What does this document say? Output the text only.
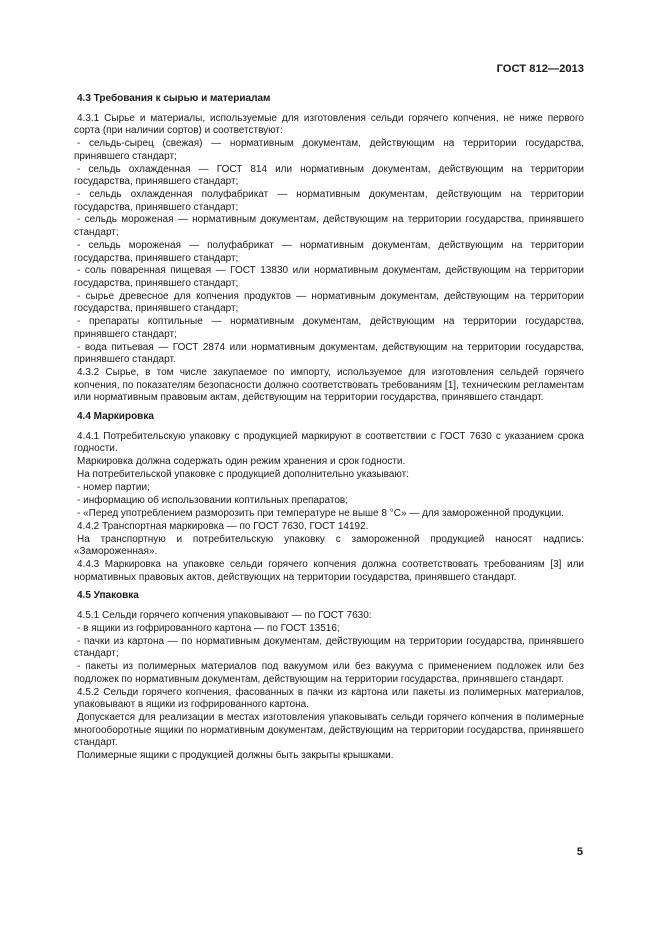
ГОСТ 812—2013
4.3 Требования к сырью и материалам
4.3.1 Сырье и материалы, используемые для изготовления сельди горячего копчения, не ниже первого сорта (при наличии сортов) и соответствуют:
- сельдь-сырец (свежая) — нормативным документам, действующим на территории государства, принявшего стандарт;
- сельдь охлажденная — ГОСТ 814 или нормативным документам, действующим на территории государства, принявшего стандарт;
- сельдь охлажденная полуфабрикат — нормативным документам, действующим на территории государства, принявшего стандарт;
- сельдь мороженая — нормативным документам, действующим на территории государства, принявшего стандарт;
- сельдь мороженая — полуфабрикат — нормативным документам, действующим на территории государства, принявшего стандарт;
- соль поваренная пищевая — ГОСТ 13830 или нормативным документам, действующим на территории государства, принявшего стандарт;
- сырье древесное для копчения продуктов — нормативным документам, действующим на территории государства, принявшего стандарт;
- препараты коптильные — нормативным документам, действующим на территории государства, принявшего стандарт;
- вода питьевая — ГОСТ 2874 или нормативным документам, действующим на территории государства, принявшего стандарт.
4.3.2 Сырье, в том числе закупаемое по импорту, используемое для изготовления сельдей горячего копчения, по показателям безопасности должно соответствовать требованиям [1], техническим регламентам или нормативным правовым актам, действующим на территории государства, принявшего стандарт.
4.4 Маркировка
4.4.1 Потребительскую упаковку с продукцией маркируют в соответствии с ГОСТ 7630 с указанием срока годности.
Маркировка должна содержать один режим хранения и срок годности.
На потребительской упаковке с продукцией дополнительно указывают:
- номер партии;
- информацию об использовании коптильных препаратов;
- «Перед употреблением разморозить при температуре не выше 8 °С» — для замороженной продукции.
4.4.2 Транспортная маркировка — по ГОСТ 7630, ГОСТ 14192.
На транспортную и потребительскую упаковку с замороженной продукцией наносят надпись: «Замороженная».
4.4.3 Маркировка на упаковке сельди горячего копчения должна соответствовать требованиям [3] или нормативных правовых актов, действующих на территории государства, принявшего стандарт.
4.5 Упаковка
4.5.1 Сельди горячего копчения упаковывают — по ГОСТ 7630:
- в ящики из гофрированного картона — по ГОСТ 13516;
- пачки из картона — по нормативным документам, действующим на территории государства, принявшего стандарт;
- пакеты из полимерных материалов под вакуумом или без вакуума с применением подложек или без подложек по нормативным документам, действующим на территории государства, принявшего стандарт.
4.5.2 Сельди горячего копчения, фасованных в пачки из картона или пакеты из полимерных материалов, упаковывают в ящики из гофрированного картона.
Допускается для реализации в местах изготовления упаковывать сельди горячего копчения в полимерные многооборотные ящики по нормативным документам, действующим на территории государства, принявшего стандарт.
Полимерные ящики с продукцией должны быть закрыты крышками.
5
